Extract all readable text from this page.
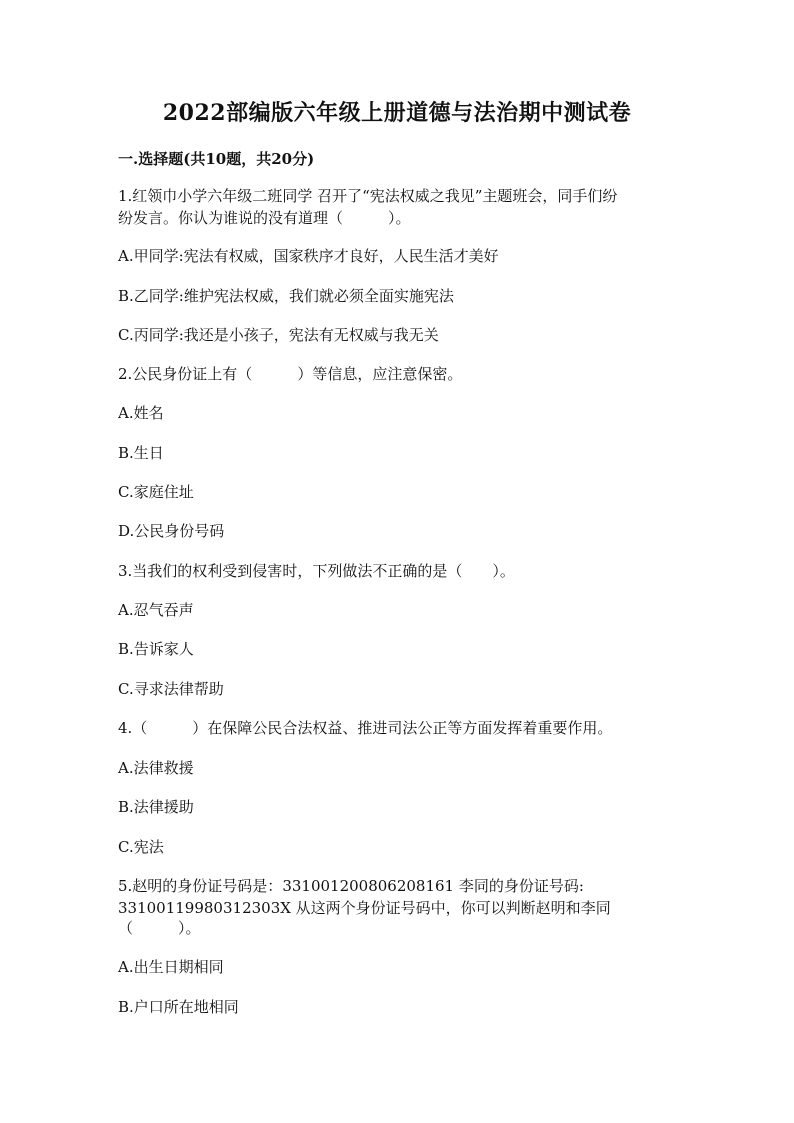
2022部编版六年级上册道德与法治期中测试卷
一.选择题(共10题，共20分)
1.红领巾小学六年级二班同学 召开了“宪法权威之我见”主题班会，同手们纷
纷发言。你认为谁说的没有道理（　　　）。
A.甲同学:宪法有权威，国家秩序才良好，人民生活才美好
B.乙同学:维护宪法权威，我们就必须全面实施宪法
C.丙同学:我还是小孩子，宪法有无权威与我无关
2.公民身份证上有（　　　）等信息，应注意保密。
A.姓名
B.生日
C.家庭住址
D.公民身份号码
3.当我们的权利受到侵害时，下列做法不正确的是（　　）。
A.忍气吞声
B.告诉家人
C.寻求法律帮助
4.（　　　）在保障公民合法权益、推进司法公正等方面发挥着重要作用。
A.法律救援
B.法律援助
C.宪法
5.赵明的身份证号码是：331001200806208161 李同的身份证号码:
33100119980312303X 从这两个身份证号码中，你可以判断赵明和李同
（　　　）。
A.出生日期相同
B.户口所在地相同
